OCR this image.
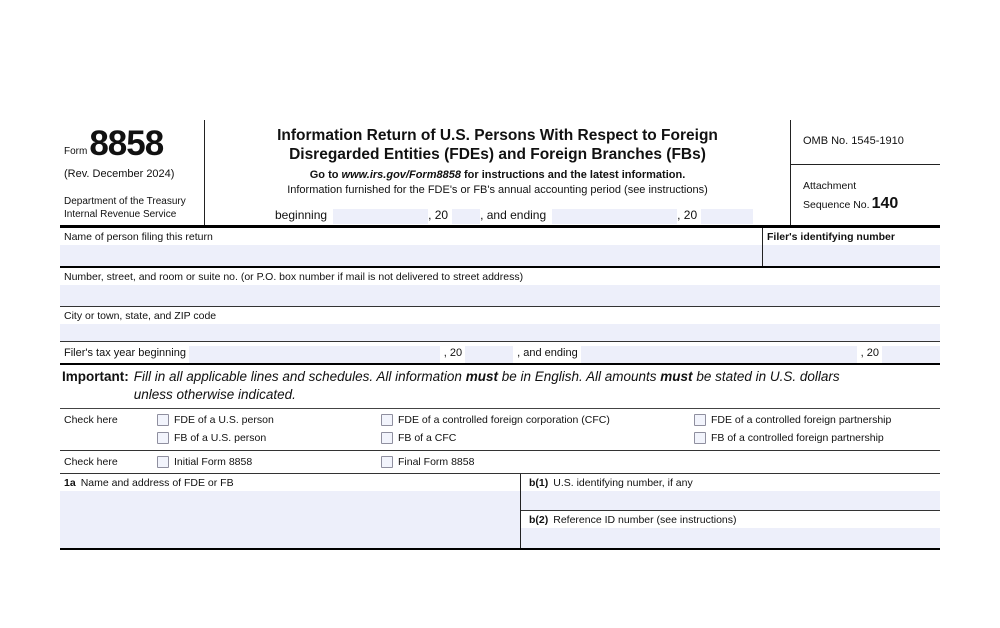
Form 8858
(Rev. December 2024)
Department of the Treasury
Internal Revenue Service
Information Return of U.S. Persons With Respect to Foreign
Disregarded Entities (FDEs) and Foreign Branches (FBs)
Go to www.irs.gov/Form8858 for instructions and the latest information.
Information furnished for the FDE's or FB's annual accounting period (see instructions)
beginning	, 20	, and ending	, 20
OMB No. 1545-1910
Attachment
Sequence No. 140
Name of person filing this return	Filer's identifying number
Number, street, and room or suite no. (or P.O. box number if mail is not delivered to street address)
City or town, state, and ZIP code
Filer's tax year beginning	, 20	, and ending	, 20
Important: Fill in all applicable lines and schedules. All information must be in English. All amounts must be stated in U.S. dollars unless otherwise indicated.
Check here	FDE of a U.S. person	FDE of a controlled foreign corporation (CFC)	FDE of a controlled foreign partnership
FB of a U.S. person	FB of a CFC	FB of a controlled foreign partnership
Check here	Initial Form 8858	Final Form 8858
1a Name and address of FDE or FB	b(1) U.S. identifying number, if any
b(2) Reference ID number (see instructions)
